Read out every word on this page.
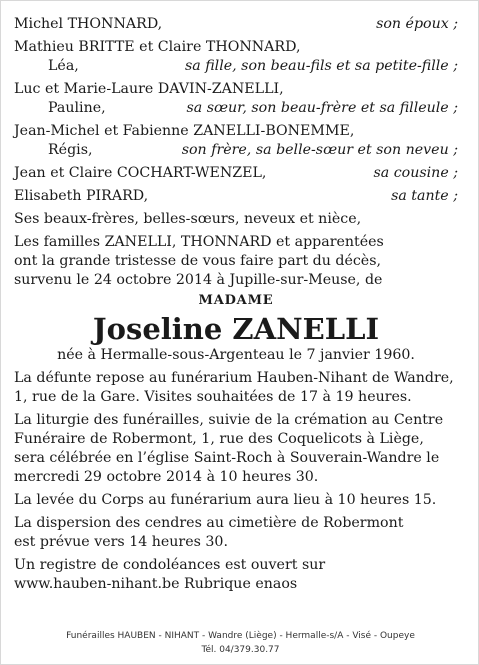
Michel THONNARD,	son époux ;
Mathieu BRITTE et Claire THONNARD,
Léa,	sa fille, son beau-fils et sa petite-fille ;
Luc et Marie-Laure DAVIN-ZANELLI,
Pauline,	sa sœur, son beau-frère et sa filleule ;
Jean-Michel et Fabienne ZANELLI-BONEMME,
Régis,	son frère, sa belle-sœur et son neveu ;
Jean et Claire COCHART-WENZEL,	sa cousine ;
Elisabeth PIRARD,	sa tante ;
Ses beaux-frères, belles-sœurs, neveux et nièce,
Les familles ZANELLI, THONNARD et apparentées
ont la grande tristesse de vous faire part du décès,
survenu le 24 octobre 2014 à Jupille-sur-Meuse, de
MADAME
Joseline ZANELLI
née à Hermalle-sous-Argenteau le 7 janvier 1960.
La défunte repose au funérarium Hauben-Nihant de Wandre,
1, rue de la Gare. Visites souhaitées de 17 à 19 heures.
La liturgie des funérailles, suivie de la crémation au Centre
Funéraire de Robermont, 1, rue des Coquelicots à Liège,
sera célébrée en l’église Saint-Roch à Souverain-Wandre le
mercredi 29 octobre 2014 à 10 heures 30.
La levée du Corps au funérarium aura lieu à 10 heures 15.
La dispersion des cendres au cimetière de Robermont
est prévue vers 14 heures 30.
Un registre de condoléances est ouvert sur
www.hauben-nihant.be Rubrique enaos
Funérailles HAUBEN - NIHANT - Wandre (Liège) - Hermalle-s/A - Visé - Oupeye
Tél. 04/379.30.77
